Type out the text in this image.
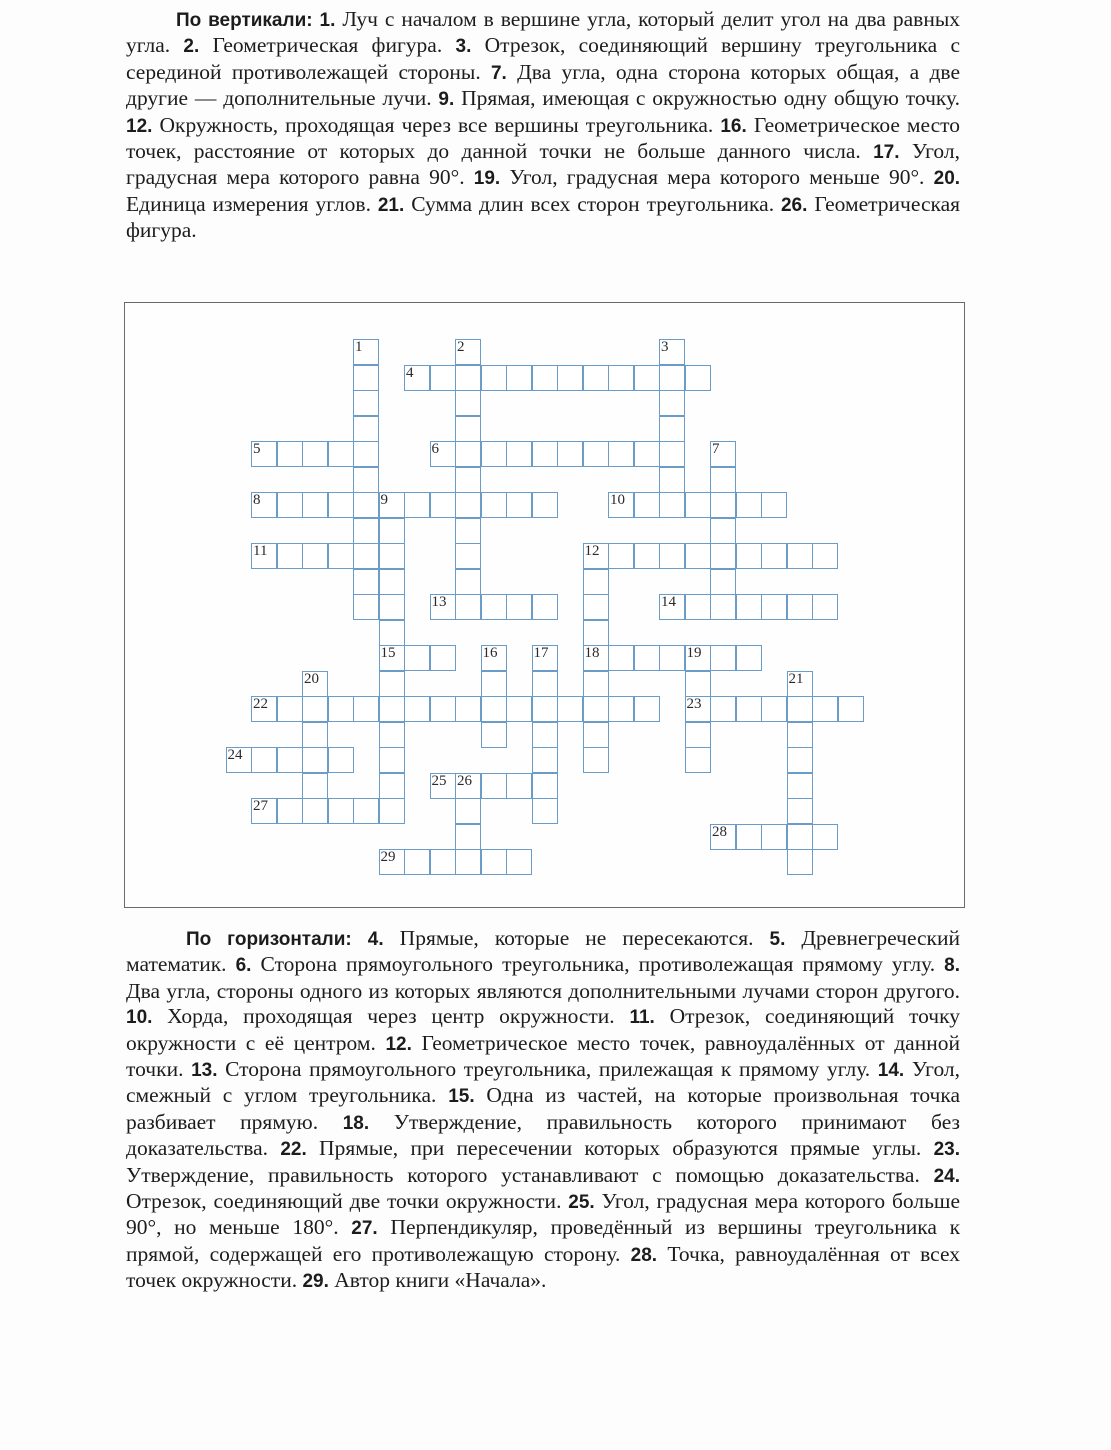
По вертикали: 1. Луч с началом в вершине угла, который делит угол на два равных угла. 2. Геометрическая фигура. 3. Отрезок, соединяющий вершину треугольника с серединой противолежащей стороны. 7. Два угла, одна сторона которых общая, а две другие — дополнительные лучи. 9. Прямая, имеющая с окружностью одну общую точку. 12. Окружность, проходящая через все вершины треугольника. 16. Геометрическое место точек, расстояние от которых до данной точки не больше данного числа. 17. Угол, градусная мера которого равна 90°. 19. Угол, градусная мера которого меньше 90°. 20. Единица измерения углов. 21. Сумма длин всех сторон треугольника. 26. Геометрическая фигура.
1	2	3
4
5	6	7
8	9
15
10
11	12
18
13	14
16 17	19
23
20	21
22
24
25 26
27
28
29
По горизонтали: 4. Прямые, которые не пересекаются. 5. Древнегреческий математик. 6. Сторона прямоугольного треугольника, противолежащая прямому углу. 8. Два угла, стороны одного из которых являются дополнительными лучами сторон другого. 10. Хорда, проходящая через центр окружности. 11. Отрезок, соединяющий точку окружности с её центром. 12. Геометрическое место точек, равноудалённых от данной точки. 13. Сторона прямоугольного треугольника, прилежащая к прямому углу. 14. Угол, смежный с углом треугольника. 15. Одна из частей, на которые произвольная точка разбивает прямую. 18. Утверждение, правильность которого принимают без доказательства. 22. Прямые, при пересечении которых образуются прямые углы. 23. Утверждение, правильность которого устанавливают с помощью доказательства. 24. Отрезок, соединяющий две точки окружности. 25. Угол, градусная мера которого больше 90°, но меньше 180°. 27. Перпендикуляр, проведённый из вершины треугольника к прямой, содержащей его противолежащую сторону. 28. Точка, равноудалённая от всех точек окружности. 29. Автор книги «Начала».
